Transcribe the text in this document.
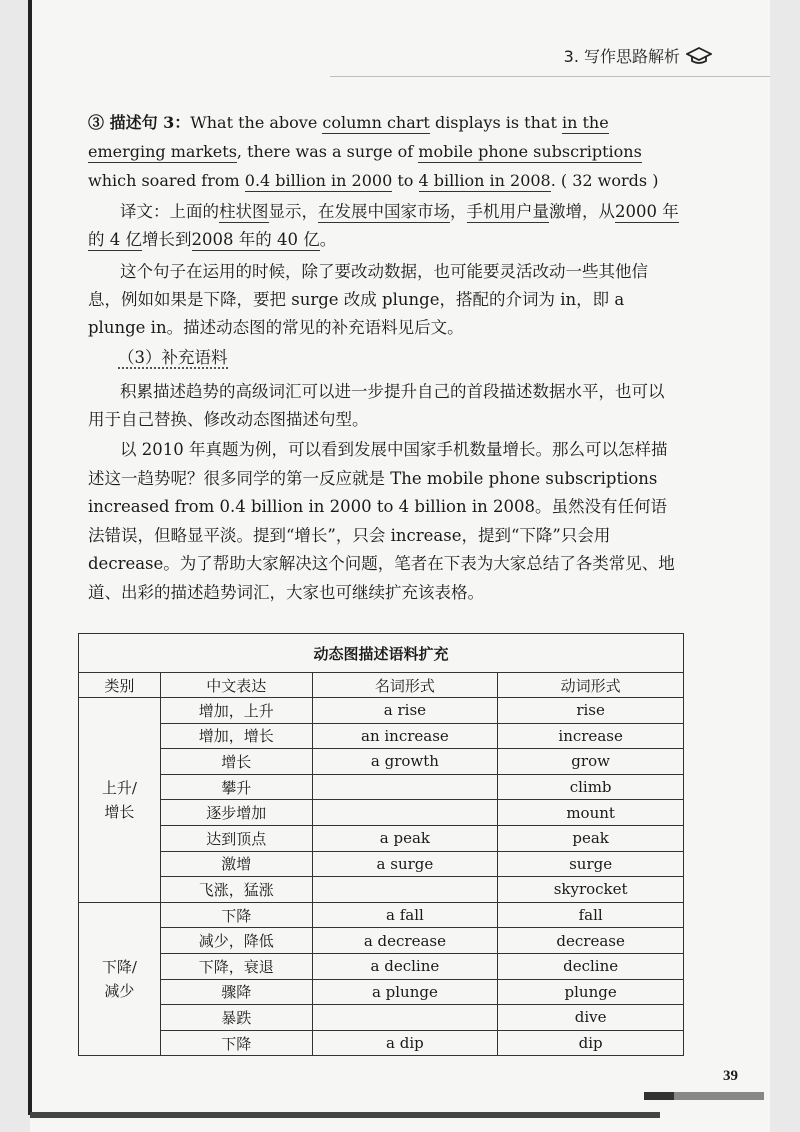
3. 写作思路解析
③ 描述句 3：What the above column chart displays is that in the emerging markets, there was a surge of mobile phone subscriptions which soared from 0.4 billion in 2000 to 4 billion in 2008. ( 32 words )
译文：上面的柱状图显示，在发展中国家市场，手机用户量激增，从2000 年的 4 亿增长到2008 年的 40 亿。
这个句子在运用的时候，除了要改动数据，也可能要灵活改动一些其他信息，例如如果是下降，要把 surge 改成 plunge，搭配的介词为 in，即 a plunge in。描述动态图的常见的补充语料见后文。
（3）补充语料
积累描述趋势的高级词汇可以进一步提升自己的首段描述数据水平，也可以用于自己替换、修改动态图描述句型。
以 2010 年真题为例，可以看到发展中国家手机数量增长。那么可以怎样描述这一趋势呢？很多同学的第一反应就是 The mobile phone subscriptions increased from 0.4 billion in 2000 to 4 billion in 2008。虽然没有任何语法错误，但略显平淡。提到“增长”，只会 increase，提到“下降”只会用 decrease。为了帮助大家解决这个问题，笔者在下表为大家总结了各类常见、地道、出彩的描述趋势词汇，大家也可继续扩充该表格。
动态图描述语料扩充			
类别	中文表达	名词形式	动词形式
上升/
增长	增加，上升	a rise	rise
	增加，增长	an increase	increase
	增长	a growth	grow
	攀升		climb
	逐步增加		mount
	达到顶点	a peak	peak
	激增	a surge	surge
	飞涨，猛涨		skyrocket
下降/
减少	下降	a fall	fall
	减少，降低	a decrease	decrease
	下降，衰退	a decline	decline
	骤降	a plunge	plunge
	暴跌		dive
	下降	a dip	dip
39
